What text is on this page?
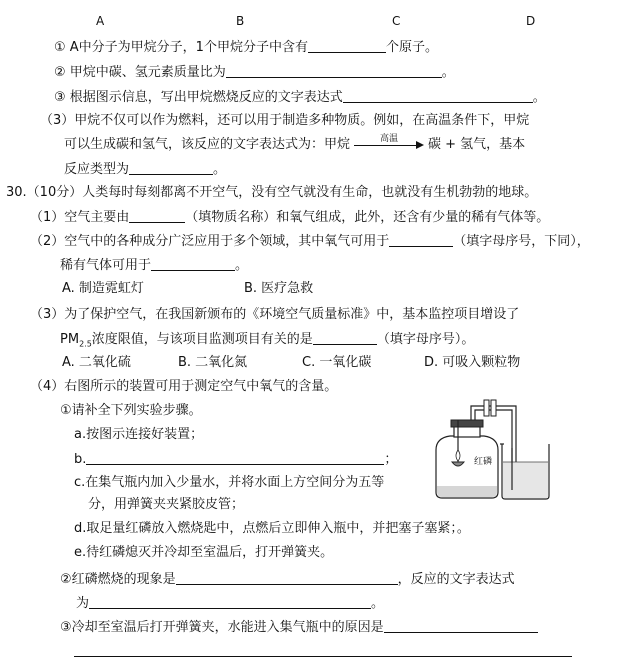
A	B	C	D
① A中分子为甲烷分子，1个甲烷分子中含有	个原子。
② 甲烷中碳、氢元素质量比为	。
③ 根据图示信息，写出甲烷燃烧反应的文字表达式	。
（3）甲烷不仅可以作为燃料，还可以用于制造多种物质。例如，在高温条件下，甲烷
可以生成碳和氢气，该反应的文字表达式为：甲烷	高温	碳 + 氢气，基本
反应类型为	。
30.（10分）人类每时每刻都离不开空气，没有空气就没有生命，也就没有生机勃勃的地球。
（1）空气主要由	（填物质名称）和氧气组成，此外，还含有少量的稀有气体等。
（2）空气中的各种成分广泛应用于多个领域，其中氧气可用于	（填字母序号，下同），
稀有气体可用于	。
A. 制造霓虹灯	B. 医疗急救
（3）为了保护空气，在我国新颁布的《环境空气质量标准》中，基本监控项目增设了
$PM_{2.5}$浓度限值，与该项目监测项目有关的是	（填字母序号）。
A. 二氧化硫	B. 二氧化氮	C. 一氧化碳	D. 可吸入颗粒物
（4）右图所示的装置可用于测定空气中氧气的含量。
①请补全下列实验步骤。
a.按图示连接好装置；
b.	；
c.在集气瓶内加入少量水，并将水面上方空间分为五等
分，用弹簧夹夹紧胶皮管；
d.取足量红磷放入燃烧匙中，点燃后立即伸入瓶中，并把塞子塞紧；。
e.待红磷熄灭并冷却至室温后，打开弹簧夹。
②红磷燃烧的现象是	，反应的文字表达式
为	。
③冷却至室温后打开弹簧夹，水能进入集气瓶中的原因是
红磷
